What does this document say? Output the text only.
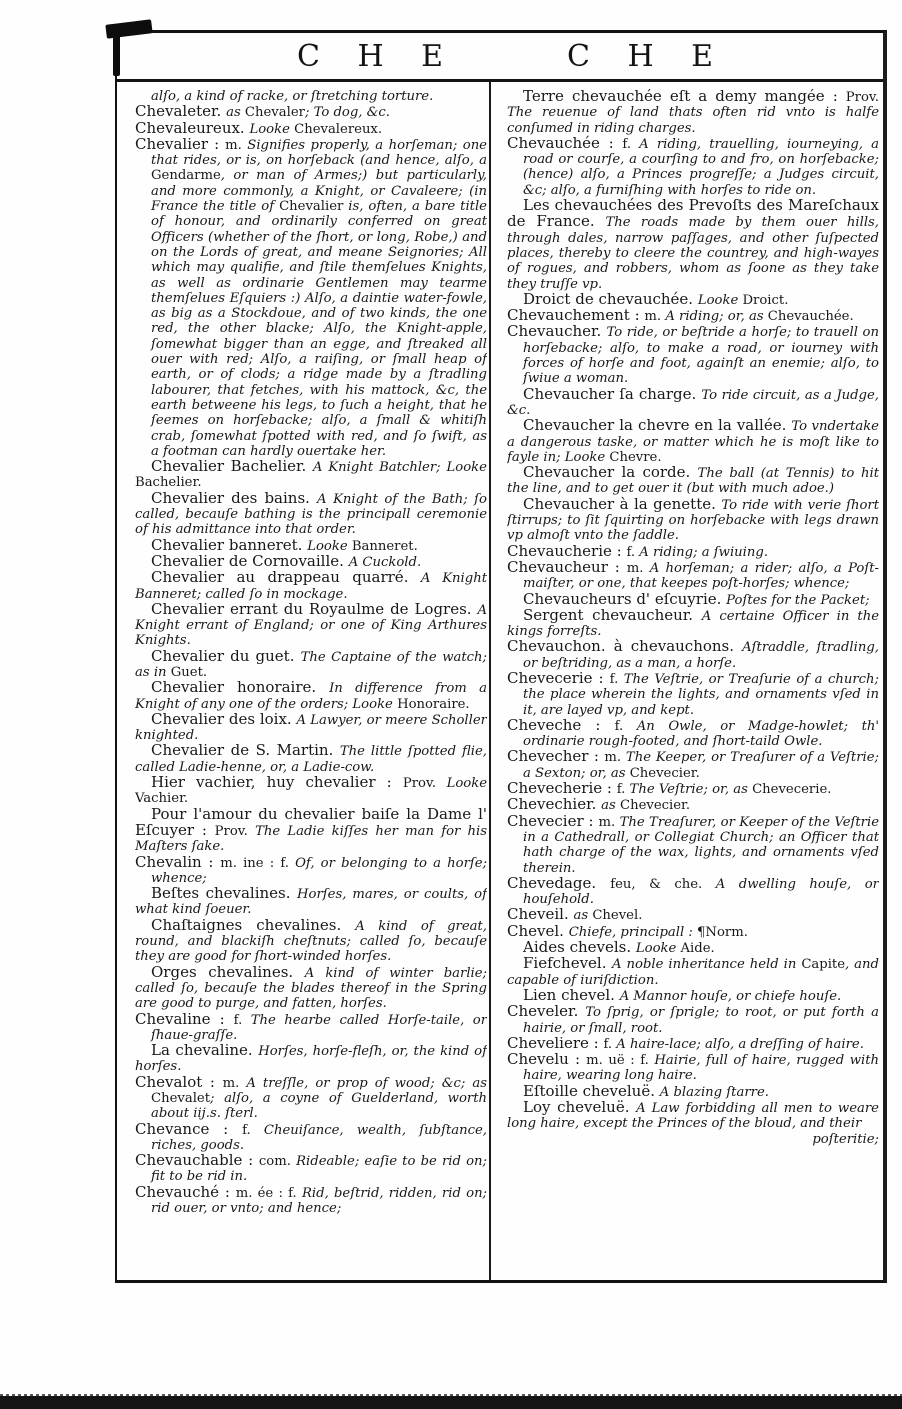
C H E	C H E

alſo, a kind of racke, or ſtretching torture.

Chevaleter. as Chevaler; To dog, &c.

Chevaleureux. Looke Chevalereux.

Chevalier : m. Signifies properly, a horſeman; one that rides, or is, on horſeback (and hence, alſo, a Gendarme, or man of Armes;) but particularly, and more commonly, a Knight, or Cavaleere; (in France the title of Chevalier is, often, a bare title of honour, and ordinarily conferred on great Officers (whether of the ſhort, or long, Robe,) and on the Lords of great, and meane Seignories; All which may qualifie, and ſtile themſelues Knights, as well as ordinarie Gentlemen may tearme themſelues Eſquiers :) Alſo, a daintie water-fowle, as big as a Stockdoue, and of two kinds, the one red, the other blacke; Alſo, the Knight-apple, ſomewhat bigger than an egge, and ſtreaked all ouer with red; Alſo, a raiſing, or ſmall heap of earth, or of clods; a ridge made by a ſtradling labourer, that fetches, with his mattock, &c, the earth betweene his legs, to ſuch a height, that he ſeemes on horſebacke; alſo, a ſmall & whitiſh crab, ſomewhat ſpotted with red, and ſo ſwift, as a footman can hardly ouertake her.

Chevalier Bachelier. A Knight Batchler; Looke Bachelier.

Chevalier des bains. A Knight of the Bath; ſo called, becauſe bathing is the principall ceremonie of his admittance into that order.

Chevalier banneret. Looke Banneret.

Chevalier de Cornovaille. A Cuckold.

Chevalier au drappeau quarré. A Knight Banneret; called ſo in mockage.

Chevalier errant du Royaulme de Logres. A Knight errant of England; or one of King Arthures Knights.

Chevalier du guet. The Captaine of the watch; as in Guet.

Chevalier honoraire. In difference from a Knight of any one of the orders; Looke Honoraire.

Chevalier des loix. A Lawyer, or meere Scholler knighted.

Chevalier de S. Martin. The little ſpotted flie, called Ladie-henne, or, a Ladie-cow.

Hier vachier, huy chevalier : Prov. Looke Vachier.

Pour l'amour du chevalier baiſe la Dame l' Eſcuyer : Prov. The Ladie kiſſes her man for his Maſters ſake.

Chevalin : m. ine : f. Of, or belonging to a horſe; whence;

Beſtes chevalines. Horſes, mares, or coults, of what kind ſoeuer.

Chaſtaignes chevalines. A kind of great, round, and blackiſh cheſtnuts; called ſo, becauſe they are good for ſhort-winded horſes.

Orges chevalines. A kind of winter barlie; called ſo, becauſe the blades thereof in the Spring are good to purge, and fatten, horſes.

Chevaline : f. The hearbe called Horſe-taile, or ſhaue-graſſe.

La chevaline. Horſes, horſe-fleſh, or, the kind of horſes.

Chevalot : m. A treſſle, or prop of wood; &c; as Chevalet; alſo, a coyne of Guelderland, worth about iij.s. ſterl.

Chevance : f. Cheuiſance, wealth, ſubſtance, riches, goods.

Chevauchable : com. Rideable; eaſie to be rid on; fit to be rid in.

Chevauché : m. ée : f. Rid, beſtrid, ridden, rid on; rid ouer, or vnto; and hence;

Terre chevauchée eſt a demy mangée : Prov. The reuenue of land thats often rid vnto is halfe conſumed in riding charges.

Chevauchée : f. A riding, trauelling, iourneying, a road or courſe, a courſing to and fro, on horſebacke; (hence) alſo, a Princes progreſſe; a Judges circuit, &c; alſo, a furniſhing with horſes to ride on.

Les chevauchées des Prevoſts des Mareſchaux de France. The roads made by them ouer hills, through dales, narrow paſſages, and other ſuſpected places, thereby to cleere the countrey, and high-wayes of rogues, and robbers, whom as ſoone as they take they truſſe vp.

Droict de chevauchée. Looke Droict.

Chevauchement : m. A riding; or, as Chevauchée.

Chevaucher. To ride, or beſtride a horſe; to trauell on horſebacke; alſo, to make a road, or iourney with forces of horſe and foot, againſt an enemie; alſo, to ſwiue a woman.

Chevaucher ſa charge. To ride circuit, as a Judge, &c.

Chevaucher la chevre en la vallée. To vndertake a dangerous taske, or matter which he is moſt like to fayle in; Looke Chevre.

Chevaucher la corde. The ball (at Tennis) to hit the line, and to get ouer it (but with much adoe.)

Chevaucher à la genette. To ride with verie ſhort ſtirrups; to ſit ſquirting on horſebacke with legs drawn vp almoſt vnto the ſaddle.

Chevaucherie : f. A riding; a ſwiuing.

Chevaucheur : m. A horſeman; a rider; alſo, a Poſt-maiſter, or one, that keepes poſt-horſes; whence;

Chevaucheurs d' eſcuyrie. Poſtes for the Packet;

Sergent chevaucheur. A certaine Officer in the kings forreſts.

Chevauchon. à chevauchons. Aſtraddle, ſtradling, or beſtriding, as a man, a horſe.

Chevecerie : f. The Veſtrie, or Treaſurie of a church; the place wherein the lights, and ornaments vſed in it, are layed vp, and kept.

Cheveche : f. An Owle, or Madge-howlet; th' ordinarie rough-footed, and ſhort-taild Owle.

Chevecher : m. The Keeper, or Treaſurer of a Veſtrie; a Sexton; or, as Chevecier.

Chevecherie : f. The Veſtrie; or, as Chevecerie.

Chevechier. as Chevecier.

Chevecier : m. The Treaſurer, or Keeper of the Veſtrie in a Cathedrall, or Collegiat Church; an Officer that hath charge of the wax, lights, and ornaments vſed therein.

Chevedage. feu, & che. A dwelling houſe, or houſehold.

Cheveil. as Chevel.

Chevel. Chiefe, principall : ¶Norm.

Aides chevels. Looke Aide.

Fiefchevel. A noble inheritance held in Capite, and capable of iuriſdiction.

Lien chevel. A Mannor houſe, or chiefe houſe.

Cheveler. To ſprig, or ſprigle; to root, or put forth a hairie, or ſmall, root.

Cheveliere : f. A haire-lace; alſo, a dreſſing of haire.

Chevelu : m. uë : f. Hairie, full of haire, rugged with haire, wearing long haire.

Eſtoille cheveluë. A blazing ſtarre.

Loy cheveluë. A Law forbidding all men to weare long haire, except the Princes of the bloud, and their

poſteritie;
